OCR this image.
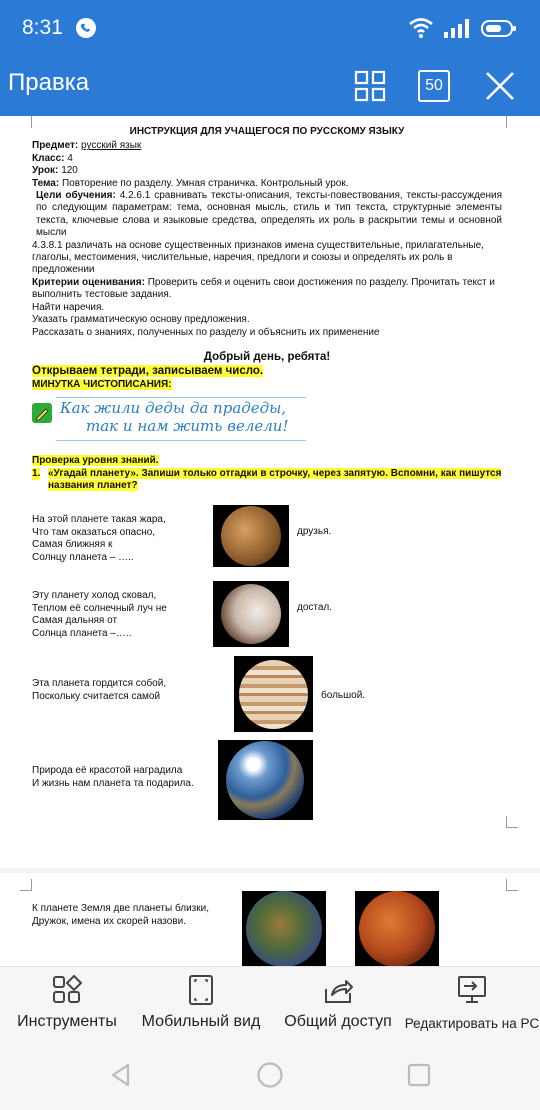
8:31
Правка	50

ИНСТРУКЦИЯ ДЛЯ УЧАЩЕГОСЯ ПО РУССКОМУ ЯЗЫКУ

Предмет: русский язык

Класс: 4

Урок: 120

Тема: Повторение по разделу. Умная страничка. Контрольный урок.

Цели обучения: 4.2.6.1 сравнивать тексты-описания, тексты-повествования, тексты-рассуждения по следующим параметрам: тема, основная мысль, стиль и тип текста, структурные элементы текста, ключевые слова и языковые средства, определять их роль в раскрытии темы и основной мысли

4.3.8.1 различать на основе существенных признаков имена существительные, прилагательные, глаголы, местоимения, числительные, наречия, предлоги и союзы и определять их роль в предложении

Критерии оценивания: Проверить себя и оценить свои достижения по разделу. Прочитать текст и выполнить тестовые задания.

Найти наречия.

Указать грамматическую основу предложения.

Рассказать о знаниях, полученных по разделу и объяснить их применение

Добрый день, ребята!

Открываем тетради, записываем число.

МИНУТКА ЧИСТОПИСАНИЯ:

Как жили деды да прадеды,
так и нам жить велели!

Проверка уровня знаний.

1. «Угадай планету». Запиши только отгадки в строчку, через запятую. Вспомни, как пишутся названия планет?
На этой планете такая жара,
Что там оказаться опасно,
Самая ближняя к
Солнцу планета – …..
друзья.
Эту планету холод сковал,
Теплом её солнечный луч не
Самая дальняя от
Солнца планета –…..
достал.
Эта планета гордится собой,
Поскольку считается самой	большой.
Природа её красотой наградила
И жизнь нам планета та подарила.
К планете Земля две планеты близки,
Дружок, имена их скорей назови.
Инструменты	Мобильный вид	Общий доступ Редактировать на PC
